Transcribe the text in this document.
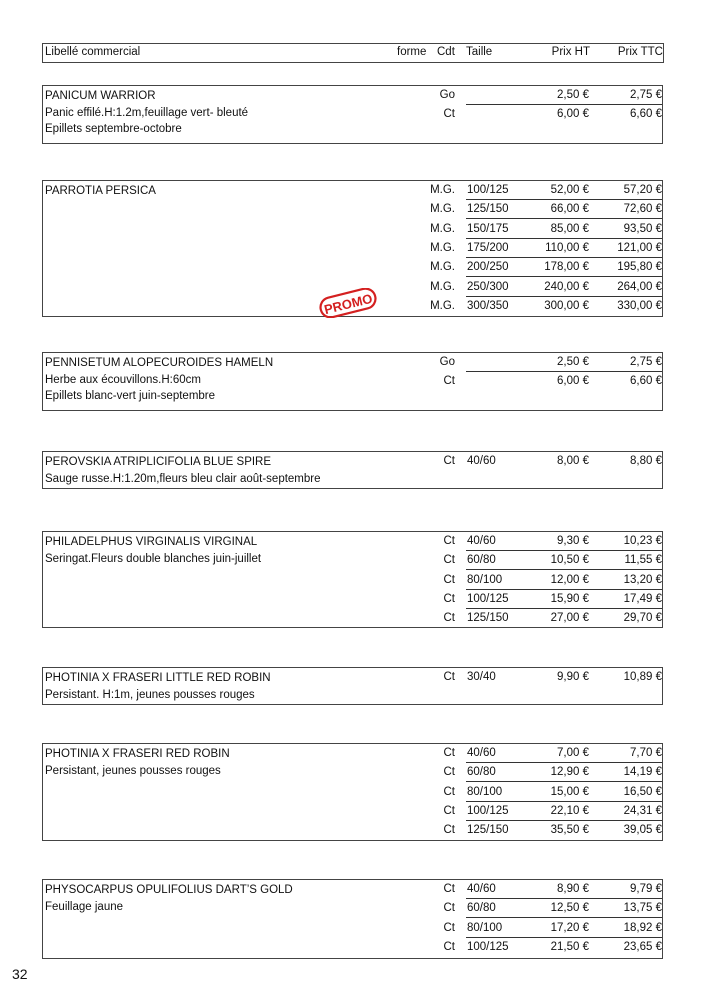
Libellé commercial	forme Cdt Taille	Prix HT Prix TTC
PANICUM WARRIOR
Panic effilé.H:1.2m,feuillage vert- bleuté
Epillets septembre-octobre
Go	2,50 €	2,75 €
Ct	6,00 €	6,60 €
PARROTIA PERSICA	M.G. 100/125	52,00 €	57,20 €
M.G. 125/150	66,00 €	72,60 €
M.G. 150/175	85,00 €	93,50 €
M.G. 175/200	110,00 € 121,00 €
M.G. 200/250	178,00 € 195,80 €
M.G. 250/300	240,00 € 264,00 €
M.G. 300/350	300,00 € 330,00 €
PROMO
PENNISETUM ALOPECUROIDES HAMELN
Herbe aux écouvillons.H:60cm
Epillets blanc-vert juin-septembre
Go	2,50 €	2,75 €
Ct	6,00 €	6,60 €
PEROVSKIA ATRIPLICIFOLIA BLUE SPIRE
Sauge russe.H:1.20m,fleurs bleu clair août-septembre
Ct 40/60	8,00 €	8,80 €
PHILADELPHUS VIRGINALIS VIRGINAL
Seringat.Fleurs double blanches juin-juillet
Ct 40/60	9,30 €	10,23 €
Ct 60/80	10,50 €	11,55 €
Ct 80/100	12,00 €	13,20 €
Ct 100/125	15,90 €	17,49 €
Ct 125/150	27,00 €	29,70 €
PHOTINIA X FRASERI LITTLE RED ROBIN
Persistant. H:1m, jeunes pousses rouges
Ct 30/40	9,90 €	10,89 €
PHOTINIA X FRASERI RED ROBIN
Persistant, jeunes pousses rouges
Ct 40/60	7,00 €	7,70 €
Ct 60/80	12,90 €	14,19 €
Ct 80/100	15,00 €	16,50 €
Ct 100/125	22,10 €	24,31 €
Ct 125/150	35,50 €	39,05 €
PHYSOCARPUS OPULIFOLIUS DART’S GOLD
Feuillage jaune
Ct 40/60	8,90 €	9,79 €
Ct 60/80	12,50 €	13,75 €
Ct 80/100	17,20 €	18,92 €
Ct 100/125	21,50 €	23,65 €
32
